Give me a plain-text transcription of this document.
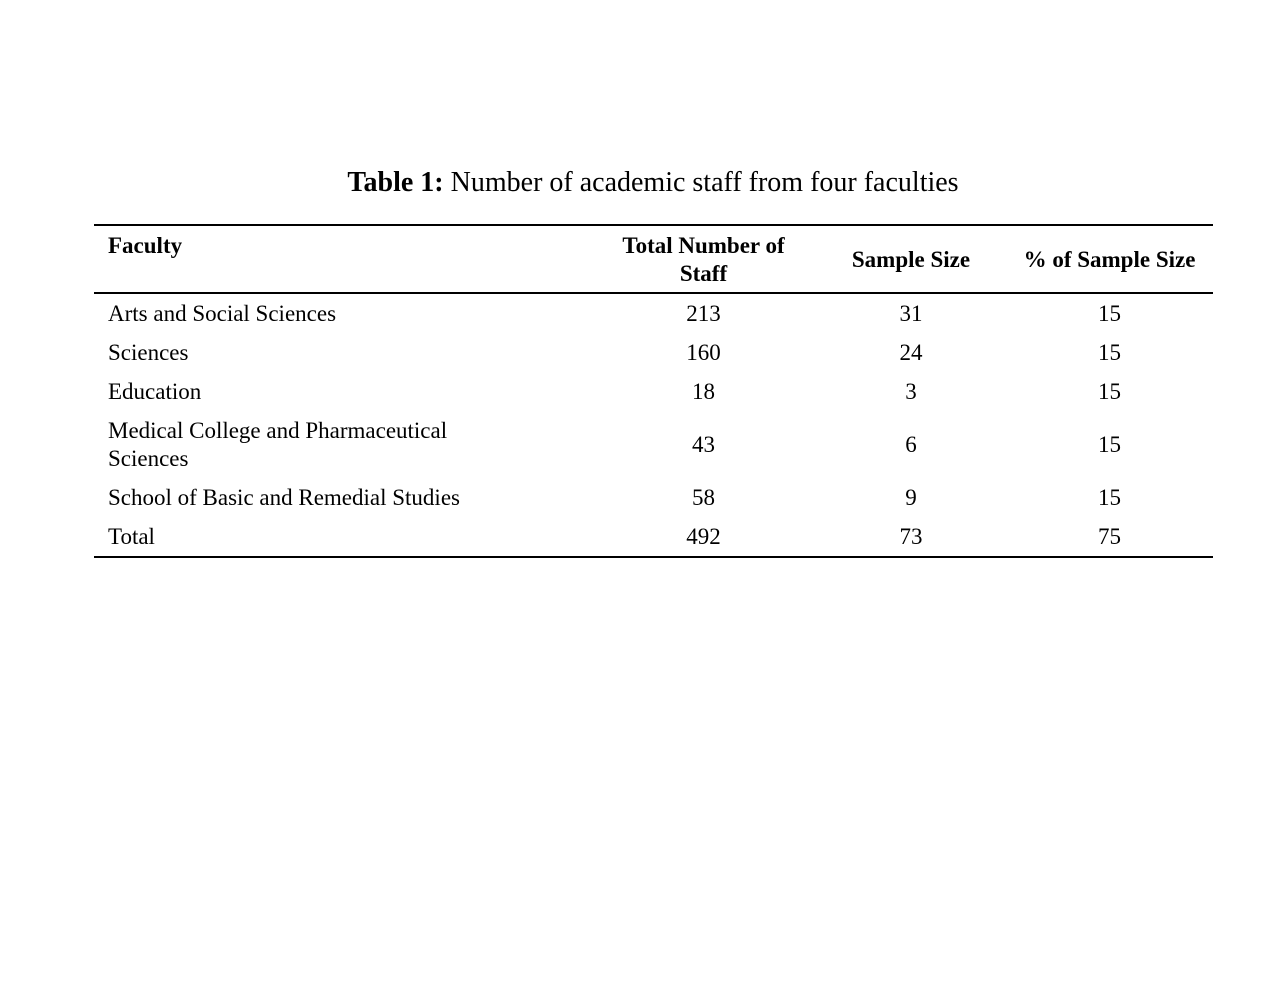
Table 1: Number of academic staff from four faculties
Faculty	Total Number of Staff	Sample Size	% of Sample Size
Arts and Social Sciences	213	31	15
Sciences	160	24	15
Education	18	3	15
Medical College and Pharmaceutical Sciences	43	6	15
School of Basic and Remedial Studies	58	9	15
Total	492	73	75
